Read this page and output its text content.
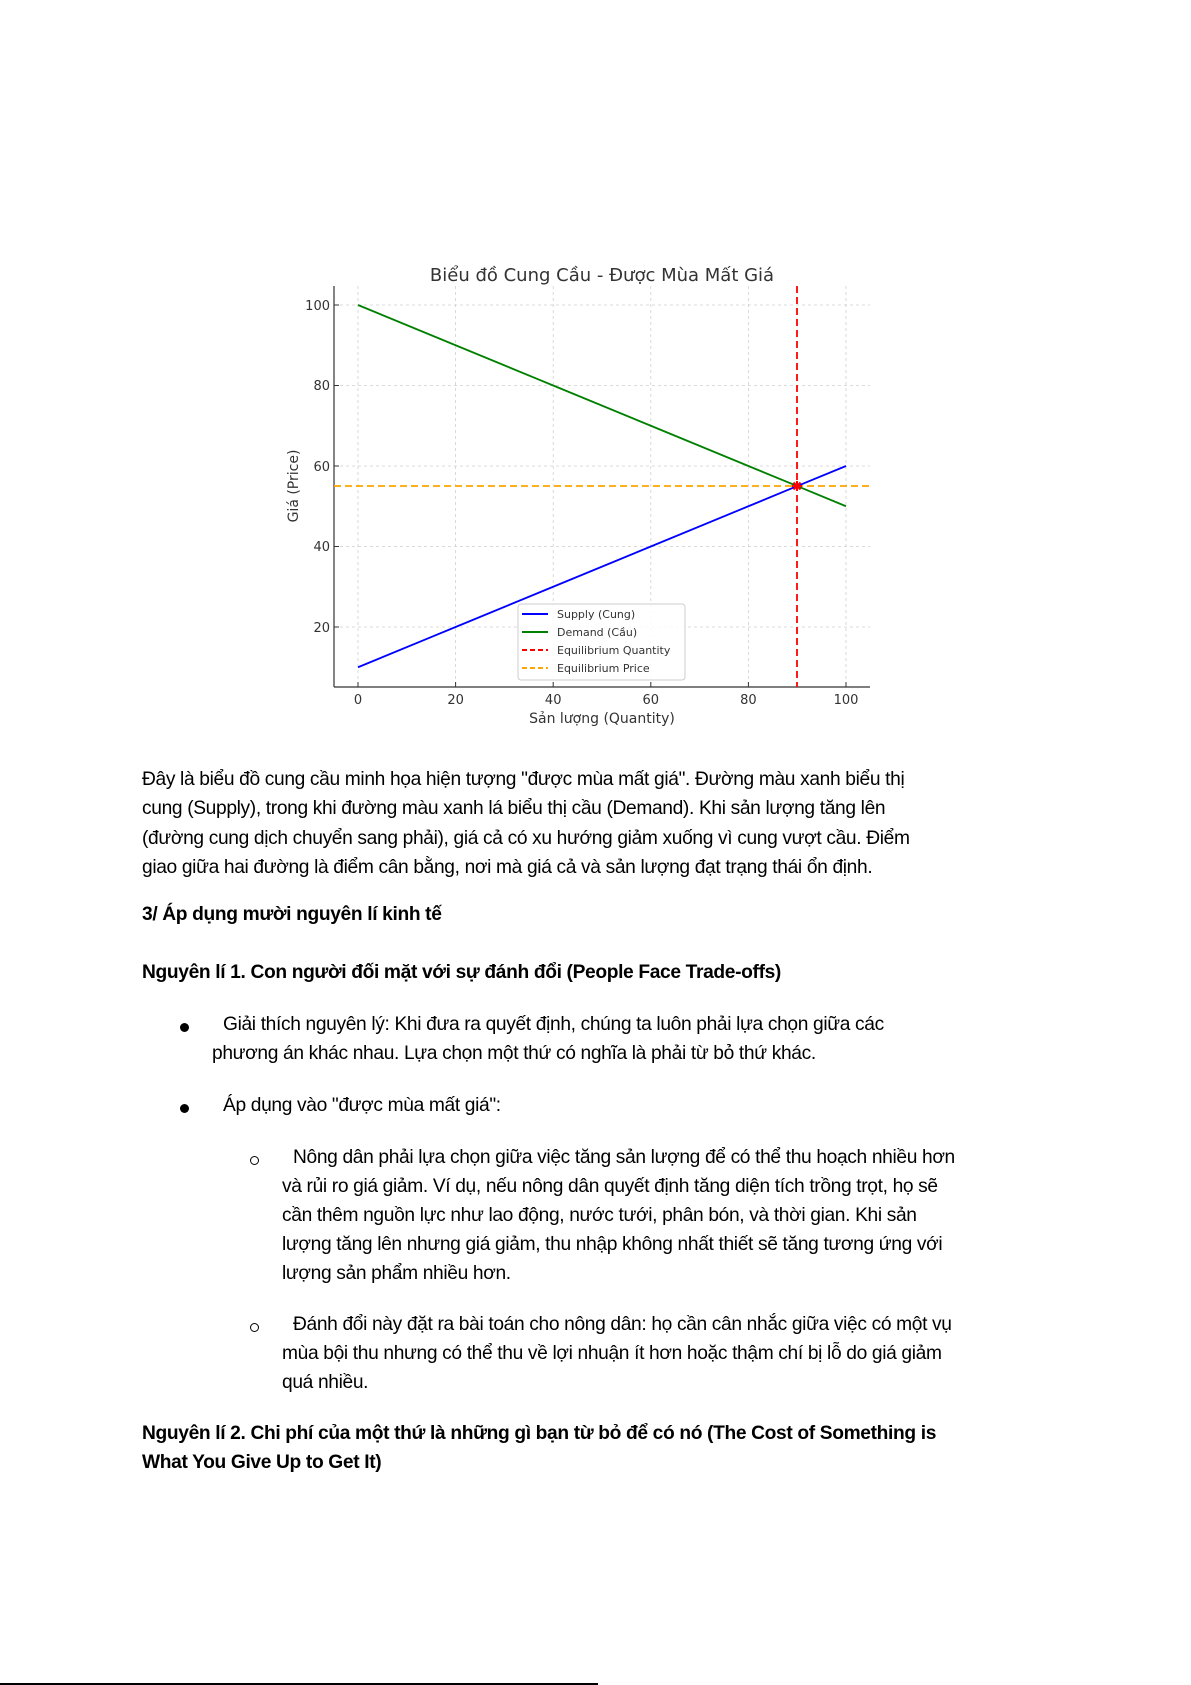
Biểu đồ Cung Cầu - Được Mùa Mất Giá
0	20	40	60	80	100
20
40
60
80
100
Sản lượng (Quantity)
Giá (Price)
Supply (Cung)
Demand (Cầu)
Equilibrium Quantity
Equilibrium Price
Đây là biểu đồ cung cầu minh họa hiện tượng "được mùa mất giá". Đường màu xanh biểu thị
cung (Supply), trong khi đường màu xanh lá biểu thị cầu (Demand). Khi sản lượng tăng lên
(đường cung dịch chuyển sang phải), giá cả có xu hướng giảm xuống vì cung vượt cầu. Điểm
giao giữa hai đường là điểm cân bằng, nơi mà giá cả và sản lượng đạt trạng thái ổn định.
3/ Áp dụng mười nguyên lí kinh tế
Nguyên lí 1. Con người đối mặt với sự đánh đổi (People Face Trade-offs)
Giải thích nguyên lý: Khi đưa ra quyết định, chúng ta luôn phải lựa chọn giữa các
phương án khác nhau. Lựa chọn một thứ có nghĩa là phải từ bỏ thứ khác.
Áp dụng vào "được mùa mất giá":
Nông dân phải lựa chọn giữa việc tăng sản lượng để có thể thu hoạch nhiều hơn
và rủi ro giá giảm. Ví dụ, nếu nông dân quyết định tăng diện tích trồng trọt, họ sẽ
cần thêm nguồn lực như lao động, nước tưới, phân bón, và thời gian. Khi sản
lượng tăng lên nhưng giá giảm, thu nhập không nhất thiết sẽ tăng tương ứng với
lượng sản phẩm nhiều hơn.
Đánh đổi này đặt ra bài toán cho nông dân: họ cần cân nhắc giữa việc có một vụ
mùa bội thu nhưng có thể thu về lợi nhuận ít hơn hoặc thậm chí bị lỗ do giá giảm
quá nhiều.
Nguyên lí 2. Chi phí của một thứ là những gì bạn từ bỏ để có nó (The Cost of Something is
What You Give Up to Get It)
